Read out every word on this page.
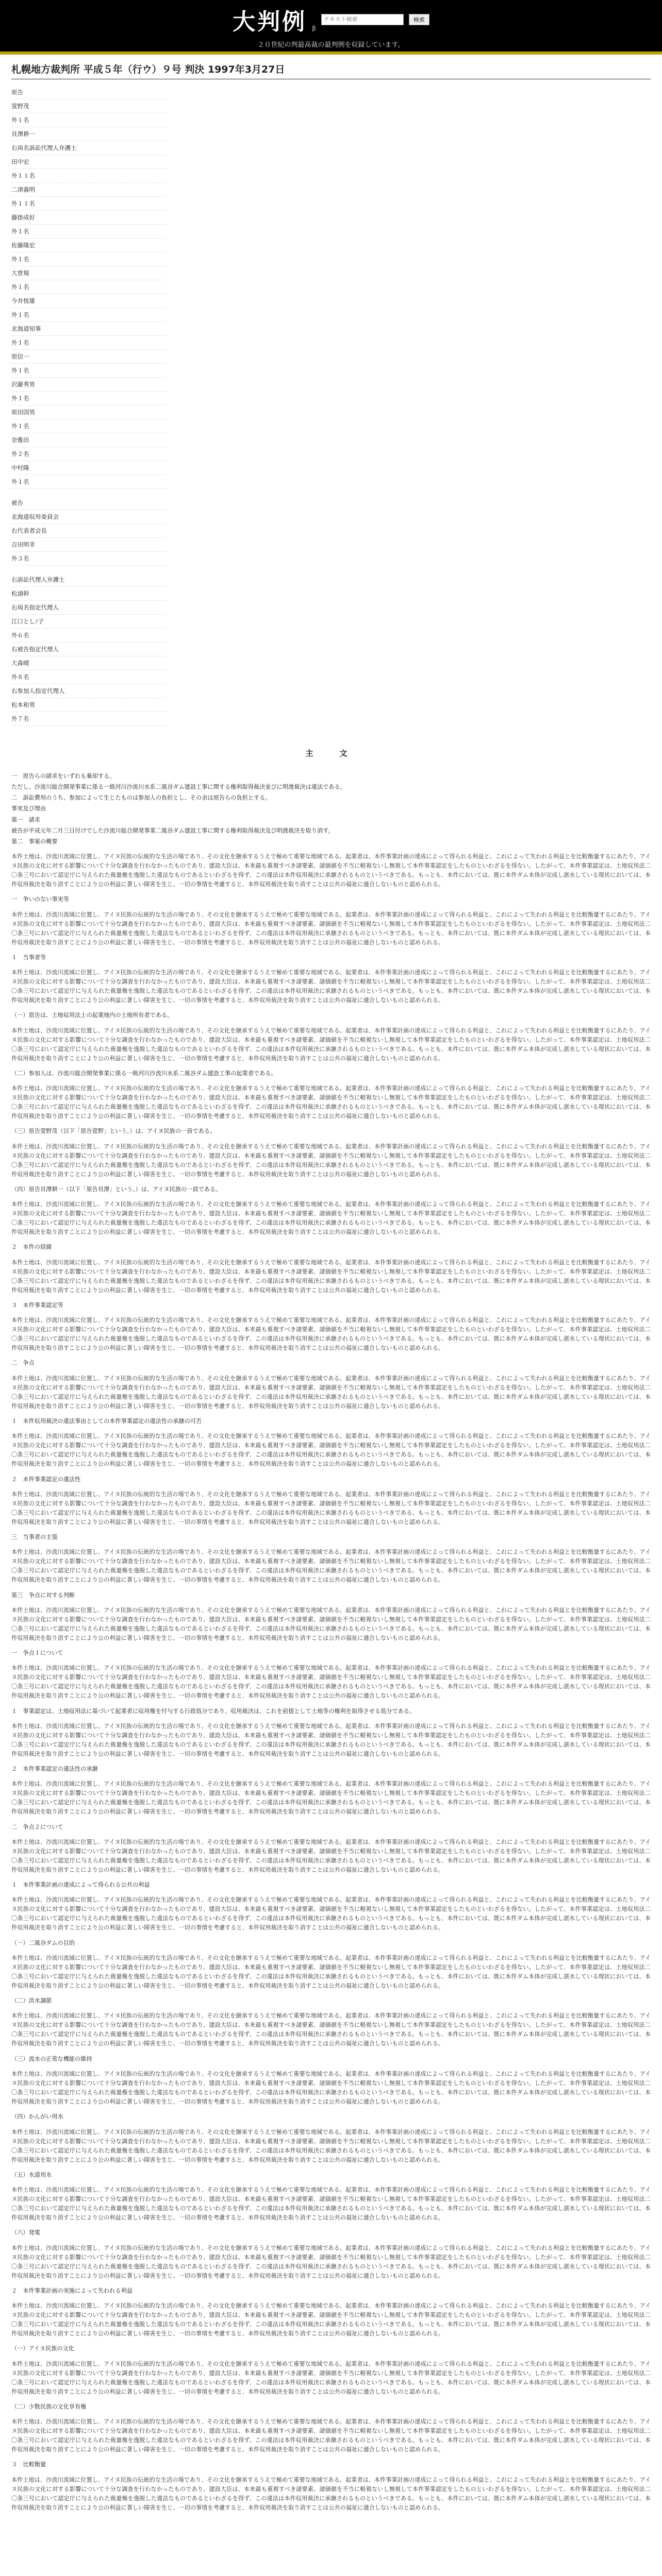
大判例 β
テキスト検索
検索
２０世紀の判最高裁の最判例を収録しています。
札幌地方裁判所 平成５年（行ウ）９号 判決 1997年3月27日
原告
萱野茂
外１名
貝澤耕一
右両名訴訟代理人弁護士
田中宏
外１１名
二津義明
外１１名
藤掛成好
外１名
佐藤隆宏
外１名
大曽規
外１名
今井悦雄
外１名
北海道知事
外１名
原信一
外１名
沢藤秀男
外１名
原田国男
外１名
奈雅田
外２名
中村隆
外１名
被告
北海道収用委員会
右代表者会長
吉田明幸
外３名
右訴訟代理人弁護士
松浦幹
右両名指定代理人
江口としﾉ子
外６名
右被告指定代理人
大森晴
外８名
右参加人指定代理人
松本和男
外７名
主　文

一　原告らの請求をいずれも棄却する。

ただし、沙流川総合開発事業に係る一級河川沙流川水系二風谷ダム建設工事に関する権利取得裁決並びに明渡裁決は違法である。

二　訴訟費用のうち、参加によって生じたものは参加人の負担とし、その余は原告らの負担とする。

事実及び理由

第一　請求

被告が平成元年二月三日付けでした沙流川総合開発事業二風谷ダム建設工事に関する権利取得裁決及び明渡裁決を取り消す。

第二　事案の概要

本件土地は、沙流川流域に位置し、アイヌ民族の伝統的な生活の場であり、その文化を継承するうえで極めて重要な地域である。起業者は、本件事業計画の達成によって得られる利益と、これによって失われる利益とを比較衡量するにあたり、アイヌ民族の文化に対する影響について十分な調査を行わなかったものであり、建設大臣は、本来最も重視すべき諸要素、諸価値を不当に軽視ないし無視して本件事業認定をしたものといわざるを得ない。したがって、本件事業認定は、土地収用法二〇条三号において認定庁に与えられた裁量権を逸脱した違法なものであるといわざるを得ず、この違法は本件収用裁決に承継されるものというべきである。もっとも、本件においては、既に本件ダム本体が完成し湛水している現状においては、本件収用裁決を取り消すことにより公の利益に著しい障害を生じ、一切の事情を考慮すると、本件収用裁決を取り消すことは公共の福祉に適合しないものと認められる。

一　争いのない事実等

本件土地は、沙流川流域に位置し、アイヌ民族の伝統的な生活の場であり、その文化を継承するうえで極めて重要な地域である。起業者は、本件事業計画の達成によって得られる利益と、これによって失われる利益とを比較衡量するにあたり、アイヌ民族の文化に対する影響について十分な調査を行わなかったものであり、建設大臣は、本来最も重視すべき諸要素、諸価値を不当に軽視ないし無視して本件事業認定をしたものといわざるを得ない。したがって、本件事業認定は、土地収用法二〇条三号において認定庁に与えられた裁量権を逸脱した違法なものであるといわざるを得ず、この違法は本件収用裁決に承継されるものというべきである。もっとも、本件においては、既に本件ダム本体が完成し湛水している現状においては、本件収用裁決を取り消すことにより公の利益に著しい障害を生じ、一切の事情を考慮すると、本件収用裁決を取り消すことは公共の福祉に適合しないものと認められる。

１　当事者等

本件土地は、沙流川流域に位置し、アイヌ民族の伝統的な生活の場であり、その文化を継承するうえで極めて重要な地域である。起業者は、本件事業計画の達成によって得られる利益と、これによって失われる利益とを比較衡量するにあたり、アイヌ民族の文化に対する影響について十分な調査を行わなかったものであり、建設大臣は、本来最も重視すべき諸要素、諸価値を不当に軽視ないし無視して本件事業認定をしたものといわざるを得ない。したがって、本件事業認定は、土地収用法二〇条三号において認定庁に与えられた裁量権を逸脱した違法なものであるといわざるを得ず、この違法は本件収用裁決に承継されるものというべきである。もっとも、本件においては、既に本件ダム本体が完成し湛水している現状においては、本件収用裁決を取り消すことにより公の利益に著しい障害を生じ、一切の事情を考慮すると、本件収用裁決を取り消すことは公共の福祉に適合しないものと認められる。

（一）原告は、土地収用法上の起業地内の土地所有者である。

本件土地は、沙流川流域に位置し、アイヌ民族の伝統的な生活の場であり、その文化を継承するうえで極めて重要な地域である。起業者は、本件事業計画の達成によって得られる利益と、これによって失われる利益とを比較衡量するにあたり、アイヌ民族の文化に対する影響について十分な調査を行わなかったものであり、建設大臣は、本来最も重視すべき諸要素、諸価値を不当に軽視ないし無視して本件事業認定をしたものといわざるを得ない。したがって、本件事業認定は、土地収用法二〇条三号において認定庁に与えられた裁量権を逸脱した違法なものであるといわざるを得ず、この違法は本件収用裁決に承継されるものというべきである。もっとも、本件においては、既に本件ダム本体が完成し湛水している現状においては、本件収用裁決を取り消すことにより公の利益に著しい障害を生じ、一切の事情を考慮すると、本件収用裁決を取り消すことは公共の福祉に適合しないものと認められる。

（二）参加人は、沙流川総合開発事業に係る一級河川沙流川水系二風谷ダム建設工事の起業者である。

本件土地は、沙流川流域に位置し、アイヌ民族の伝統的な生活の場であり、その文化を継承するうえで極めて重要な地域である。起業者は、本件事業計画の達成によって得られる利益と、これによって失われる利益とを比較衡量するにあたり、アイヌ民族の文化に対する影響について十分な調査を行わなかったものであり、建設大臣は、本来最も重視すべき諸要素、諸価値を不当に軽視ないし無視して本件事業認定をしたものといわざるを得ない。したがって、本件事業認定は、土地収用法二〇条三号において認定庁に与えられた裁量権を逸脱した違法なものであるといわざるを得ず、この違法は本件収用裁決に承継されるものというべきである。もっとも、本件においては、既に本件ダム本体が完成し湛水している現状においては、本件収用裁決を取り消すことにより公の利益に著しい障害を生じ、一切の事情を考慮すると、本件収用裁決を取り消すことは公共の福祉に適合しないものと認められる。

（三）原告萱野茂（以下「原告萱野」という。）は、アイヌ民族の一員である。

本件土地は、沙流川流域に位置し、アイヌ民族の伝統的な生活の場であり、その文化を継承するうえで極めて重要な地域である。起業者は、本件事業計画の達成によって得られる利益と、これによって失われる利益とを比較衡量するにあたり、アイヌ民族の文化に対する影響について十分な調査を行わなかったものであり、建設大臣は、本来最も重視すべき諸要素、諸価値を不当に軽視ないし無視して本件事業認定をしたものといわざるを得ない。したがって、本件事業認定は、土地収用法二〇条三号において認定庁に与えられた裁量権を逸脱した違法なものであるといわざるを得ず、この違法は本件収用裁決に承継されるものというべきである。もっとも、本件においては、既に本件ダム本体が完成し湛水している現状においては、本件収用裁決を取り消すことにより公の利益に著しい障害を生じ、一切の事情を考慮すると、本件収用裁決を取り消すことは公共の福祉に適合しないものと認められる。

（四）原告貝澤耕一（以下「原告貝澤」という。）は、アイヌ民族の一員である。

本件土地は、沙流川流域に位置し、アイヌ民族の伝統的な生活の場であり、その文化を継承するうえで極めて重要な地域である。起業者は、本件事業計画の達成によって得られる利益と、これによって失われる利益とを比較衡量するにあたり、アイヌ民族の文化に対する影響について十分な調査を行わなかったものであり、建設大臣は、本来最も重視すべき諸要素、諸価値を不当に軽視ないし無視して本件事業認定をしたものといわざるを得ない。したがって、本件事業認定は、土地収用法二〇条三号において認定庁に与えられた裁量権を逸脱した違法なものであるといわざるを得ず、この違法は本件収用裁決に承継されるものというべきである。もっとも、本件においては、既に本件ダム本体が完成し湛水している現状においては、本件収用裁決を取り消すことにより公の利益に著しい障害を生じ、一切の事情を考慮すると、本件収用裁決を取り消すことは公共の福祉に適合しないものと認められる。

２　本件の経緯

本件土地は、沙流川流域に位置し、アイヌ民族の伝統的な生活の場であり、その文化を継承するうえで極めて重要な地域である。起業者は、本件事業計画の達成によって得られる利益と、これによって失われる利益とを比較衡量するにあたり、アイヌ民族の文化に対する影響について十分な調査を行わなかったものであり、建設大臣は、本来最も重視すべき諸要素、諸価値を不当に軽視ないし無視して本件事業認定をしたものといわざるを得ない。したがって、本件事業認定は、土地収用法二〇条三号において認定庁に与えられた裁量権を逸脱した違法なものであるといわざるを得ず、この違法は本件収用裁決に承継されるものというべきである。もっとも、本件においては、既に本件ダム本体が完成し湛水している現状においては、本件収用裁決を取り消すことにより公の利益に著しい障害を生じ、一切の事情を考慮すると、本件収用裁決を取り消すことは公共の福祉に適合しないものと認められる。

３　本件事業認定等

本件土地は、沙流川流域に位置し、アイヌ民族の伝統的な生活の場であり、その文化を継承するうえで極めて重要な地域である。起業者は、本件事業計画の達成によって得られる利益と、これによって失われる利益とを比較衡量するにあたり、アイヌ民族の文化に対する影響について十分な調査を行わなかったものであり、建設大臣は、本来最も重視すべき諸要素、諸価値を不当に軽視ないし無視して本件事業認定をしたものといわざるを得ない。したがって、本件事業認定は、土地収用法二〇条三号において認定庁に与えられた裁量権を逸脱した違法なものであるといわざるを得ず、この違法は本件収用裁決に承継されるものというべきである。もっとも、本件においては、既に本件ダム本体が完成し湛水している現状においては、本件収用裁決を取り消すことにより公の利益に著しい障害を生じ、一切の事情を考慮すると、本件収用裁決を取り消すことは公共の福祉に適合しないものと認められる。

二　争点

本件土地は、沙流川流域に位置し、アイヌ民族の伝統的な生活の場であり、その文化を継承するうえで極めて重要な地域である。起業者は、本件事業計画の達成によって得られる利益と、これによって失われる利益とを比較衡量するにあたり、アイヌ民族の文化に対する影響について十分な調査を行わなかったものであり、建設大臣は、本来最も重視すべき諸要素、諸価値を不当に軽視ないし無視して本件事業認定をしたものといわざるを得ない。したがって、本件事業認定は、土地収用法二〇条三号において認定庁に与えられた裁量権を逸脱した違法なものであるといわざるを得ず、この違法は本件収用裁決に承継されるものというべきである。もっとも、本件においては、既に本件ダム本体が完成し湛水している現状においては、本件収用裁決を取り消すことにより公の利益に著しい障害を生じ、一切の事情を考慮すると、本件収用裁決を取り消すことは公共の福祉に適合しないものと認められる。

１　本件収用裁決の違法事由としての本件事業認定の違法性の承継の可否

本件土地は、沙流川流域に位置し、アイヌ民族の伝統的な生活の場であり、その文化を継承するうえで極めて重要な地域である。起業者は、本件事業計画の達成によって得られる利益と、これによって失われる利益とを比較衡量するにあたり、アイヌ民族の文化に対する影響について十分な調査を行わなかったものであり、建設大臣は、本来最も重視すべき諸要素、諸価値を不当に軽視ないし無視して本件事業認定をしたものといわざるを得ない。したがって、本件事業認定は、土地収用法二〇条三号において認定庁に与えられた裁量権を逸脱した違法なものであるといわざるを得ず、この違法は本件収用裁決に承継されるものというべきである。もっとも、本件においては、既に本件ダム本体が完成し湛水している現状においては、本件収用裁決を取り消すことにより公の利益に著しい障害を生じ、一切の事情を考慮すると、本件収用裁決を取り消すことは公共の福祉に適合しないものと認められる。

２　本件事業認定の違法性

本件土地は、沙流川流域に位置し、アイヌ民族の伝統的な生活の場であり、その文化を継承するうえで極めて重要な地域である。起業者は、本件事業計画の達成によって得られる利益と、これによって失われる利益とを比較衡量するにあたり、アイヌ民族の文化に対する影響について十分な調査を行わなかったものであり、建設大臣は、本来最も重視すべき諸要素、諸価値を不当に軽視ないし無視して本件事業認定をしたものといわざるを得ない。したがって、本件事業認定は、土地収用法二〇条三号において認定庁に与えられた裁量権を逸脱した違法なものであるといわざるを得ず、この違法は本件収用裁決に承継されるものというべきである。もっとも、本件においては、既に本件ダム本体が完成し湛水している現状においては、本件収用裁決を取り消すことにより公の利益に著しい障害を生じ、一切の事情を考慮すると、本件収用裁決を取り消すことは公共の福祉に適合しないものと認められる。

三　当事者の主張

本件土地は、沙流川流域に位置し、アイヌ民族の伝統的な生活の場であり、その文化を継承するうえで極めて重要な地域である。起業者は、本件事業計画の達成によって得られる利益と、これによって失われる利益とを比較衡量するにあたり、アイヌ民族の文化に対する影響について十分な調査を行わなかったものであり、建設大臣は、本来最も重視すべき諸要素、諸価値を不当に軽視ないし無視して本件事業認定をしたものといわざるを得ない。したがって、本件事業認定は、土地収用法二〇条三号において認定庁に与えられた裁量権を逸脱した違法なものであるといわざるを得ず、この違法は本件収用裁決に承継されるものというべきである。もっとも、本件においては、既に本件ダム本体が完成し湛水している現状においては、本件収用裁決を取り消すことにより公の利益に著しい障害を生じ、一切の事情を考慮すると、本件収用裁決を取り消すことは公共の福祉に適合しないものと認められる。

第三　争点に対する判断

本件土地は、沙流川流域に位置し、アイヌ民族の伝統的な生活の場であり、その文化を継承するうえで極めて重要な地域である。起業者は、本件事業計画の達成によって得られる利益と、これによって失われる利益とを比較衡量するにあたり、アイヌ民族の文化に対する影響について十分な調査を行わなかったものであり、建設大臣は、本来最も重視すべき諸要素、諸価値を不当に軽視ないし無視して本件事業認定をしたものといわざるを得ない。したがって、本件事業認定は、土地収用法二〇条三号において認定庁に与えられた裁量権を逸脱した違法なものであるといわざるを得ず、この違法は本件収用裁決に承継されるものというべきである。もっとも、本件においては、既に本件ダム本体が完成し湛水している現状においては、本件収用裁決を取り消すことにより公の利益に著しい障害を生じ、一切の事情を考慮すると、本件収用裁決を取り消すことは公共の福祉に適合しないものと認められる。

一　争点１について

本件土地は、沙流川流域に位置し、アイヌ民族の伝統的な生活の場であり、その文化を継承するうえで極めて重要な地域である。起業者は、本件事業計画の達成によって得られる利益と、これによって失われる利益とを比較衡量するにあたり、アイヌ民族の文化に対する影響について十分な調査を行わなかったものであり、建設大臣は、本来最も重視すべき諸要素、諸価値を不当に軽視ないし無視して本件事業認定をしたものといわざるを得ない。したがって、本件事業認定は、土地収用法二〇条三号において認定庁に与えられた裁量権を逸脱した違法なものであるといわざるを得ず、この違法は本件収用裁決に承継されるものというべきである。もっとも、本件においては、既に本件ダム本体が完成し湛水している現状においては、本件収用裁決を取り消すことにより公の利益に著しい障害を生じ、一切の事情を考慮すると、本件収用裁決を取り消すことは公共の福祉に適合しないものと認められる。

１　事業認定は、土地収用法に基づいて起業者に収用権を付与する行政処分であり、収用裁決は、これを前提として土地等の権利を取得させる処分である。

本件土地は、沙流川流域に位置し、アイヌ民族の伝統的な生活の場であり、その文化を継承するうえで極めて重要な地域である。起業者は、本件事業計画の達成によって得られる利益と、これによって失われる利益とを比較衡量するにあたり、アイヌ民族の文化に対する影響について十分な調査を行わなかったものであり、建設大臣は、本来最も重視すべき諸要素、諸価値を不当に軽視ないし無視して本件事業認定をしたものといわざるを得ない。したがって、本件事業認定は、土地収用法二〇条三号において認定庁に与えられた裁量権を逸脱した違法なものであるといわざるを得ず、この違法は本件収用裁決に承継されるものというべきである。もっとも、本件においては、既に本件ダム本体が完成し湛水している現状においては、本件収用裁決を取り消すことにより公の利益に著しい障害を生じ、一切の事情を考慮すると、本件収用裁決を取り消すことは公共の福祉に適合しないものと認められる。

２　本件事業認定の違法性の承継

本件土地は、沙流川流域に位置し、アイヌ民族の伝統的な生活の場であり、その文化を継承するうえで極めて重要な地域である。起業者は、本件事業計画の達成によって得られる利益と、これによって失われる利益とを比較衡量するにあたり、アイヌ民族の文化に対する影響について十分な調査を行わなかったものであり、建設大臣は、本来最も重視すべき諸要素、諸価値を不当に軽視ないし無視して本件事業認定をしたものといわざるを得ない。したがって、本件事業認定は、土地収用法二〇条三号において認定庁に与えられた裁量権を逸脱した違法なものであるといわざるを得ず、この違法は本件収用裁決に承継されるものというべきである。もっとも、本件においては、既に本件ダム本体が完成し湛水している現状においては、本件収用裁決を取り消すことにより公の利益に著しい障害を生じ、一切の事情を考慮すると、本件収用裁決を取り消すことは公共の福祉に適合しないものと認められる。

二　争点２について

本件土地は、沙流川流域に位置し、アイヌ民族の伝統的な生活の場であり、その文化を継承するうえで極めて重要な地域である。起業者は、本件事業計画の達成によって得られる利益と、これによって失われる利益とを比較衡量するにあたり、アイヌ民族の文化に対する影響について十分な調査を行わなかったものであり、建設大臣は、本来最も重視すべき諸要素、諸価値を不当に軽視ないし無視して本件事業認定をしたものといわざるを得ない。したがって、本件事業認定は、土地収用法二〇条三号において認定庁に与えられた裁量権を逸脱した違法なものであるといわざるを得ず、この違法は本件収用裁決に承継されるものというべきである。もっとも、本件においては、既に本件ダム本体が完成し湛水している現状においては、本件収用裁決を取り消すことにより公の利益に著しい障害を生じ、一切の事情を考慮すると、本件収用裁決を取り消すことは公共の福祉に適合しないものと認められる。

１　本件事業計画の達成によって得られる公共の利益

本件土地は、沙流川流域に位置し、アイヌ民族の伝統的な生活の場であり、その文化を継承するうえで極めて重要な地域である。起業者は、本件事業計画の達成によって得られる利益と、これによって失われる利益とを比較衡量するにあたり、アイヌ民族の文化に対する影響について十分な調査を行わなかったものであり、建設大臣は、本来最も重視すべき諸要素、諸価値を不当に軽視ないし無視して本件事業認定をしたものといわざるを得ない。したがって、本件事業認定は、土地収用法二〇条三号において認定庁に与えられた裁量権を逸脱した違法なものであるといわざるを得ず、この違法は本件収用裁決に承継されるものというべきである。もっとも、本件においては、既に本件ダム本体が完成し湛水している現状においては、本件収用裁決を取り消すことにより公の利益に著しい障害を生じ、一切の事情を考慮すると、本件収用裁決を取り消すことは公共の福祉に適合しないものと認められる。

（一）二風谷ダムの目的

本件土地は、沙流川流域に位置し、アイヌ民族の伝統的な生活の場であり、その文化を継承するうえで極めて重要な地域である。起業者は、本件事業計画の達成によって得られる利益と、これによって失われる利益とを比較衡量するにあたり、アイヌ民族の文化に対する影響について十分な調査を行わなかったものであり、建設大臣は、本来最も重視すべき諸要素、諸価値を不当に軽視ないし無視して本件事業認定をしたものといわざるを得ない。したがって、本件事業認定は、土地収用法二〇条三号において認定庁に与えられた裁量権を逸脱した違法なものであるといわざるを得ず、この違法は本件収用裁決に承継されるものというべきである。もっとも、本件においては、既に本件ダム本体が完成し湛水している現状においては、本件収用裁決を取り消すことにより公の利益に著しい障害を生じ、一切の事情を考慮すると、本件収用裁決を取り消すことは公共の福祉に適合しないものと認められる。

（二）洪水調節

本件土地は、沙流川流域に位置し、アイヌ民族の伝統的な生活の場であり、その文化を継承するうえで極めて重要な地域である。起業者は、本件事業計画の達成によって得られる利益と、これによって失われる利益とを比較衡量するにあたり、アイヌ民族の文化に対する影響について十分な調査を行わなかったものであり、建設大臣は、本来最も重視すべき諸要素、諸価値を不当に軽視ないし無視して本件事業認定をしたものといわざるを得ない。したがって、本件事業認定は、土地収用法二〇条三号において認定庁に与えられた裁量権を逸脱した違法なものであるといわざるを得ず、この違法は本件収用裁決に承継されるものというべきである。もっとも、本件においては、既に本件ダム本体が完成し湛水している現状においては、本件収用裁決を取り消すことにより公の利益に著しい障害を生じ、一切の事情を考慮すると、本件収用裁決を取り消すことは公共の福祉に適合しないものと認められる。

（三）流水の正常な機能の維持

本件土地は、沙流川流域に位置し、アイヌ民族の伝統的な生活の場であり、その文化を継承するうえで極めて重要な地域である。起業者は、本件事業計画の達成によって得られる利益と、これによって失われる利益とを比較衡量するにあたり、アイヌ民族の文化に対する影響について十分な調査を行わなかったものであり、建設大臣は、本来最も重視すべき諸要素、諸価値を不当に軽視ないし無視して本件事業認定をしたものといわざるを得ない。したがって、本件事業認定は、土地収用法二〇条三号において認定庁に与えられた裁量権を逸脱した違法なものであるといわざるを得ず、この違法は本件収用裁決に承継されるものというべきである。もっとも、本件においては、既に本件ダム本体が完成し湛水している現状においては、本件収用裁決を取り消すことにより公の利益に著しい障害を生じ、一切の事情を考慮すると、本件収用裁決を取り消すことは公共の福祉に適合しないものと認められる。

（四）かんがい用水

本件土地は、沙流川流域に位置し、アイヌ民族の伝統的な生活の場であり、その文化を継承するうえで極めて重要な地域である。起業者は、本件事業計画の達成によって得られる利益と、これによって失われる利益とを比較衡量するにあたり、アイヌ民族の文化に対する影響について十分な調査を行わなかったものであり、建設大臣は、本来最も重視すべき諸要素、諸価値を不当に軽視ないし無視して本件事業認定をしたものといわざるを得ない。したがって、本件事業認定は、土地収用法二〇条三号において認定庁に与えられた裁量権を逸脱した違法なものであるといわざるを得ず、この違法は本件収用裁決に承継されるものというべきである。もっとも、本件においては、既に本件ダム本体が完成し湛水している現状においては、本件収用裁決を取り消すことにより公の利益に著しい障害を生じ、一切の事情を考慮すると、本件収用裁決を取り消すことは公共の福祉に適合しないものと認められる。

（五）水道用水

本件土地は、沙流川流域に位置し、アイヌ民族の伝統的な生活の場であり、その文化を継承するうえで極めて重要な地域である。起業者は、本件事業計画の達成によって得られる利益と、これによって失われる利益とを比較衡量するにあたり、アイヌ民族の文化に対する影響について十分な調査を行わなかったものであり、建設大臣は、本来最も重視すべき諸要素、諸価値を不当に軽視ないし無視して本件事業認定をしたものといわざるを得ない。したがって、本件事業認定は、土地収用法二〇条三号において認定庁に与えられた裁量権を逸脱した違法なものであるといわざるを得ず、この違法は本件収用裁決に承継されるものというべきである。もっとも、本件においては、既に本件ダム本体が完成し湛水している現状においては、本件収用裁決を取り消すことにより公の利益に著しい障害を生じ、一切の事情を考慮すると、本件収用裁決を取り消すことは公共の福祉に適合しないものと認められる。

（六）発電

本件土地は、沙流川流域に位置し、アイヌ民族の伝統的な生活の場であり、その文化を継承するうえで極めて重要な地域である。起業者は、本件事業計画の達成によって得られる利益と、これによって失われる利益とを比較衡量するにあたり、アイヌ民族の文化に対する影響について十分な調査を行わなかったものであり、建設大臣は、本来最も重視すべき諸要素、諸価値を不当に軽視ないし無視して本件事業認定をしたものといわざるを得ない。したがって、本件事業認定は、土地収用法二〇条三号において認定庁に与えられた裁量権を逸脱した違法なものであるといわざるを得ず、この違法は本件収用裁決に承継されるものというべきである。もっとも、本件においては、既に本件ダム本体が完成し湛水している現状においては、本件収用裁決を取り消すことにより公の利益に著しい障害を生じ、一切の事情を考慮すると、本件収用裁決を取り消すことは公共の福祉に適合しないものと認められる。

２　本件事業計画の実施によって失われる利益

本件土地は、沙流川流域に位置し、アイヌ民族の伝統的な生活の場であり、その文化を継承するうえで極めて重要な地域である。起業者は、本件事業計画の達成によって得られる利益と、これによって失われる利益とを比較衡量するにあたり、アイヌ民族の文化に対する影響について十分な調査を行わなかったものであり、建設大臣は、本来最も重視すべき諸要素、諸価値を不当に軽視ないし無視して本件事業認定をしたものといわざるを得ない。したがって、本件事業認定は、土地収用法二〇条三号において認定庁に与えられた裁量権を逸脱した違法なものであるといわざるを得ず、この違法は本件収用裁決に承継されるものというべきである。もっとも、本件においては、既に本件ダム本体が完成し湛水している現状においては、本件収用裁決を取り消すことにより公の利益に著しい障害を生じ、一切の事情を考慮すると、本件収用裁決を取り消すことは公共の福祉に適合しないものと認められる。

（一）アイヌ民族の文化

本件土地は、沙流川流域に位置し、アイヌ民族の伝統的な生活の場であり、その文化を継承するうえで極めて重要な地域である。起業者は、本件事業計画の達成によって得られる利益と、これによって失われる利益とを比較衡量するにあたり、アイヌ民族の文化に対する影響について十分な調査を行わなかったものであり、建設大臣は、本来最も重視すべき諸要素、諸価値を不当に軽視ないし無視して本件事業認定をしたものといわざるを得ない。したがって、本件事業認定は、土地収用法二〇条三号において認定庁に与えられた裁量権を逸脱した違法なものであるといわざるを得ず、この違法は本件収用裁決に承継されるものというべきである。もっとも、本件においては、既に本件ダム本体が完成し湛水している現状においては、本件収用裁決を取り消すことにより公の利益に著しい障害を生じ、一切の事情を考慮すると、本件収用裁決を取り消すことは公共の福祉に適合しないものと認められる。

（二）少数民族の文化享有権

本件土地は、沙流川流域に位置し、アイヌ民族の伝統的な生活の場であり、その文化を継承するうえで極めて重要な地域である。起業者は、本件事業計画の達成によって得られる利益と、これによって失われる利益とを比較衡量するにあたり、アイヌ民族の文化に対する影響について十分な調査を行わなかったものであり、建設大臣は、本来最も重視すべき諸要素、諸価値を不当に軽視ないし無視して本件事業認定をしたものといわざるを得ない。したがって、本件事業認定は、土地収用法二〇条三号において認定庁に与えられた裁量権を逸脱した違法なものであるといわざるを得ず、この違法は本件収用裁決に承継されるものというべきである。もっとも、本件においては、既に本件ダム本体が完成し湛水している現状においては、本件収用裁決を取り消すことにより公の利益に著しい障害を生じ、一切の事情を考慮すると、本件収用裁決を取り消すことは公共の福祉に適合しないものと認められる。

３　比較衡量

本件土地は、沙流川流域に位置し、アイヌ民族の伝統的な生活の場であり、その文化を継承するうえで極めて重要な地域である。起業者は、本件事業計画の達成によって得られる利益と、これによって失われる利益とを比較衡量するにあたり、アイヌ民族の文化に対する影響について十分な調査を行わなかったものであり、建設大臣は、本来最も重視すべき諸要素、諸価値を不当に軽視ないし無視して本件事業認定をしたものといわざるを得ない。したがって、本件事業認定は、土地収用法二〇条三号において認定庁に与えられた裁量権を逸脱した違法なものであるといわざるを得ず、この違法は本件収用裁決に承継されるものというべきである。もっとも、本件においては、既に本件ダム本体が完成し湛水している現状においては、本件収用裁決を取り消すことにより公の利益に著しい障害を生じ、一切の事情を考慮すると、本件収用裁決を取り消すことは公共の福祉に適合しないものと認められる。
